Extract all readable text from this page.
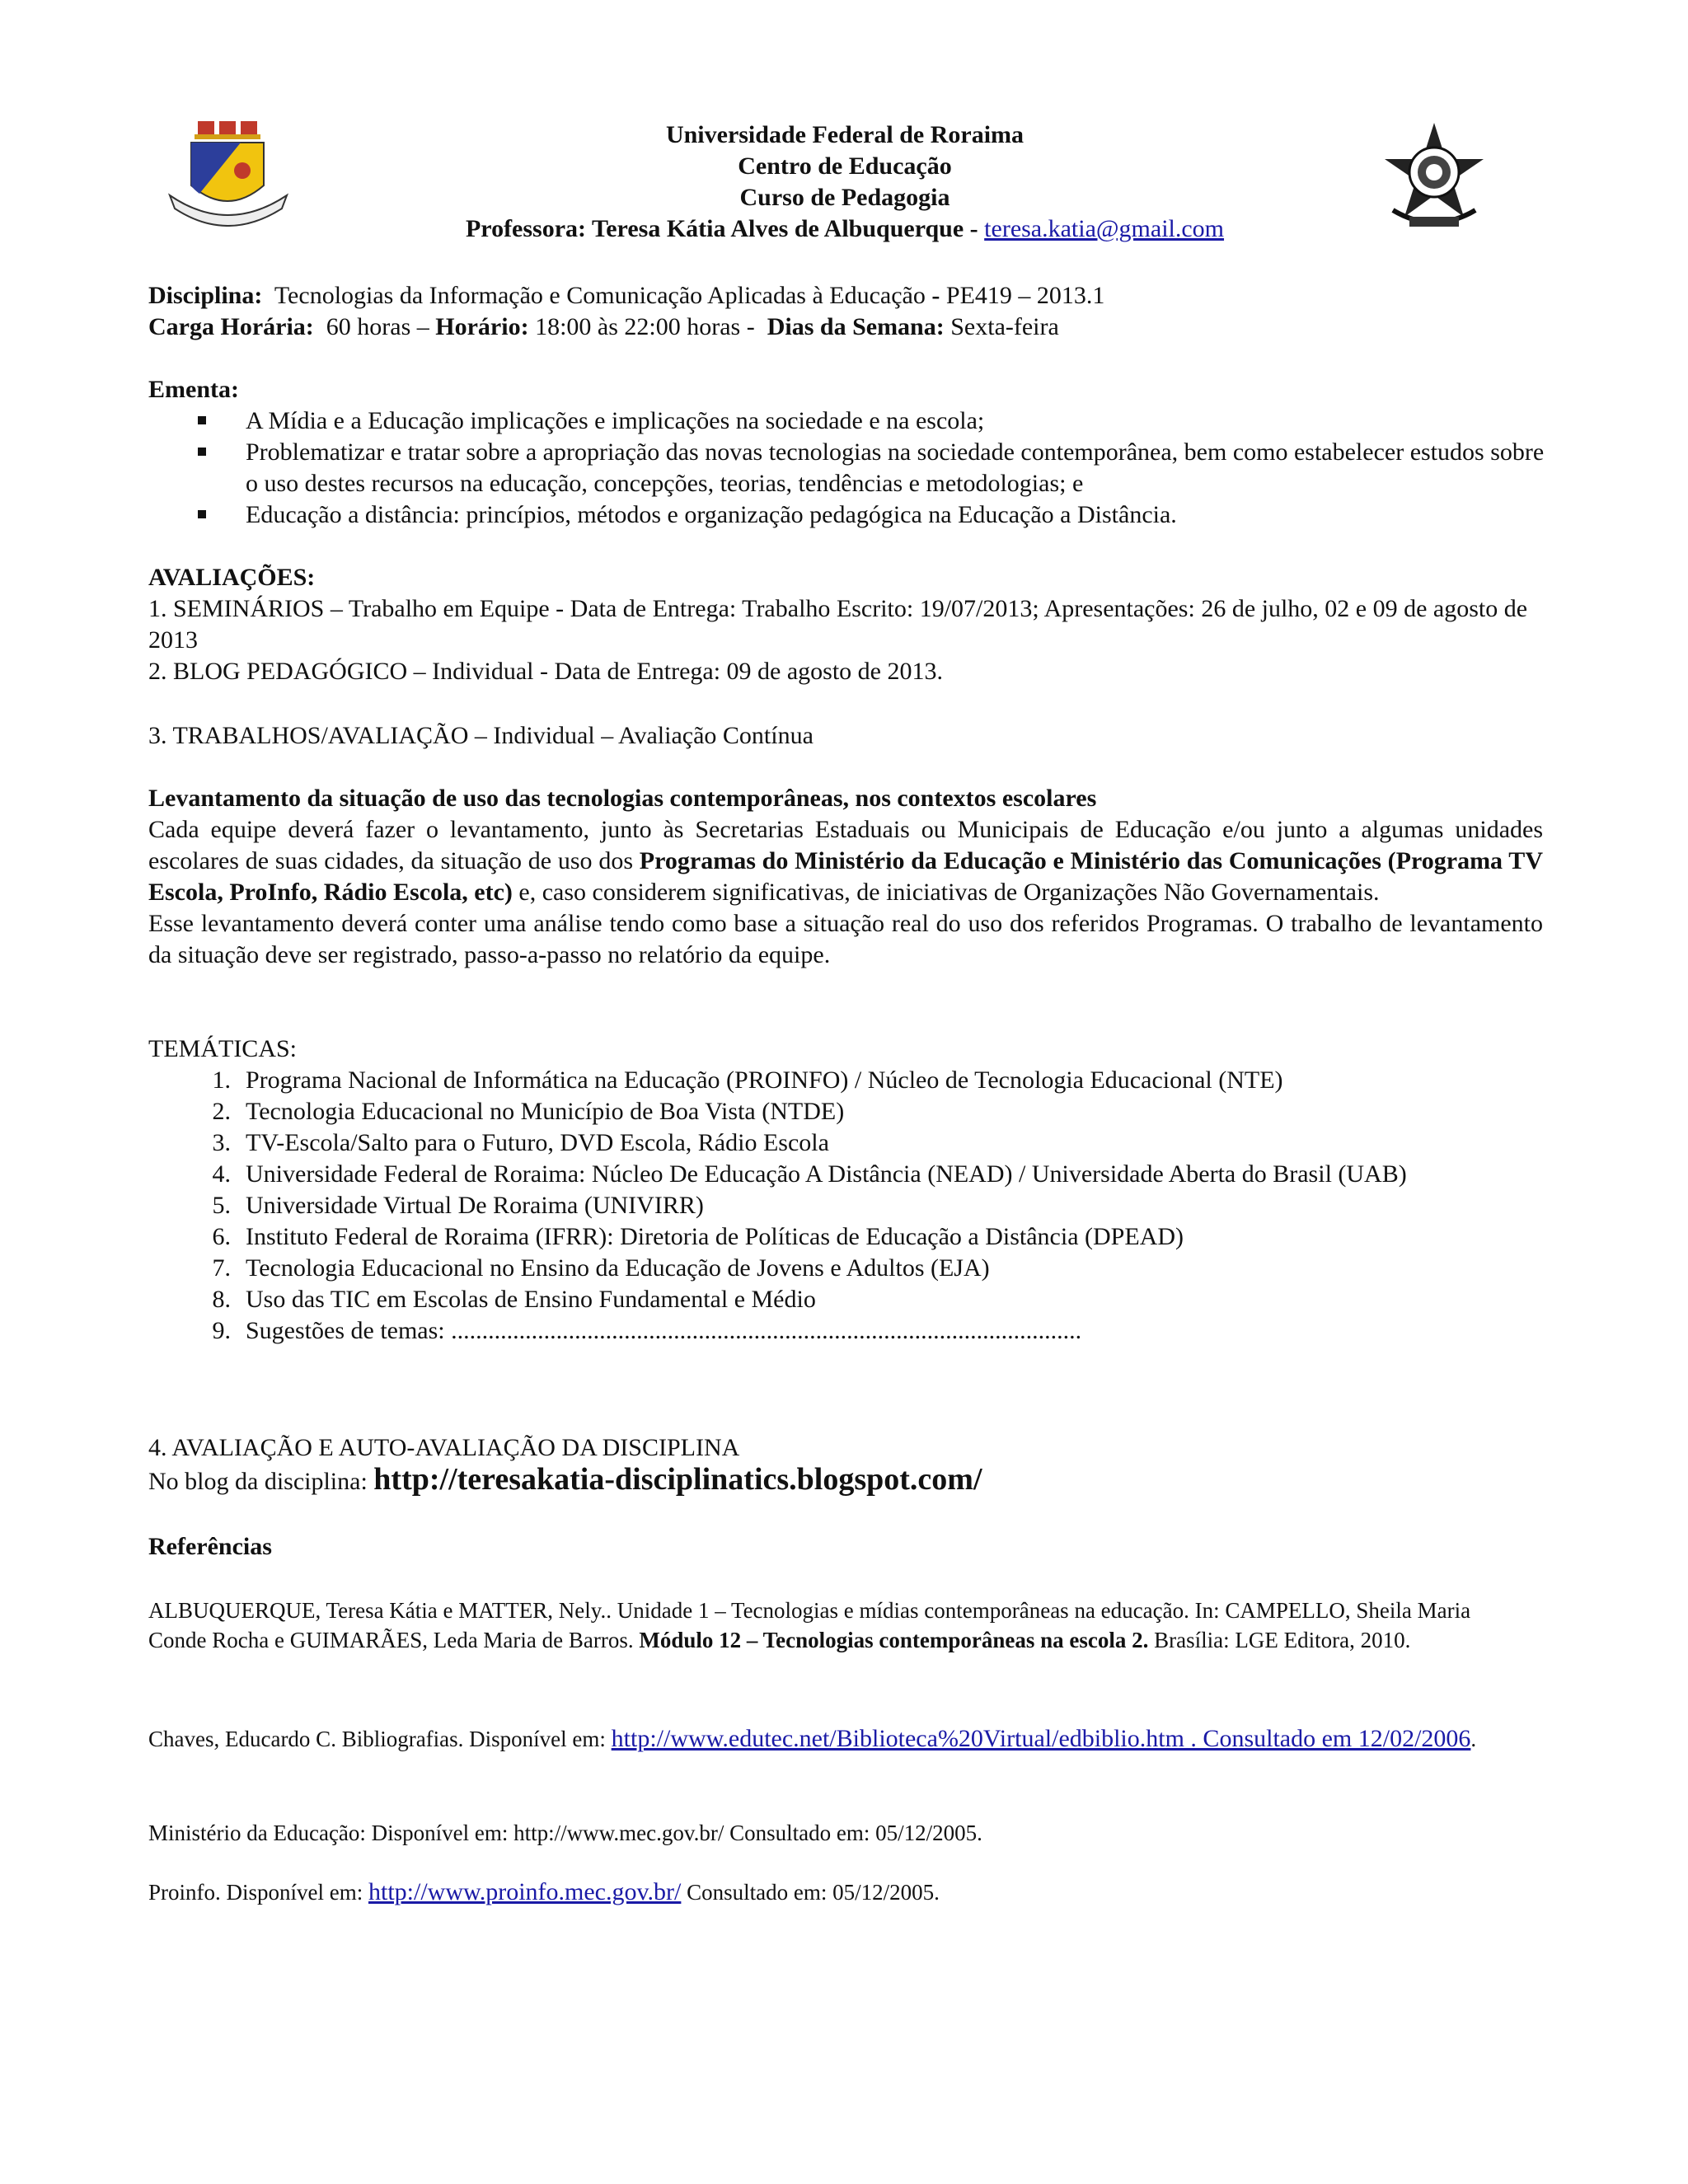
Universidade Federal de Roraima
Centro de Educação
Curso de Pedagogia
Professora: Teresa Kátia Alves de Albuquerque - teresa.katia@gmail.com
Disciplina: Tecnologias da Informação e Comunicação Aplicadas à Educação - PE419 – 2013.1
Carga Horária: 60 horas – Horário: 18:00 às 22:00 horas -  Dias da Semana: Sexta-feira
Ementa:
A Mídia e a Educação implicações e implicações na sociedade e na escola;
Problematizar e tratar sobre a apropriação das novas tecnologias na sociedade contemporânea, bem como estabelecer estudos sobre o uso destes recursos na educação, concepções, teorias, tendências e metodologias; e
Educação a distância: princípios, métodos e organização pedagógica na Educação a Distância.
AVALIAÇÕES:
1. SEMINÁRIOS – Trabalho em Equipe - Data de Entrega: Trabalho Escrito: 19/07/2013; Apresentações: 26 de julho, 02 e 09 de agosto de 2013
2. BLOG PEDAGÓGICO – Individual - Data de Entrega: 09 de agosto de 2013.
3. TRABALHOS/AVALIAÇÃO – Individual – Avaliação Contínua
Levantamento da situação de uso das tecnologias contemporâneas, nos contextos escolares
Cada equipe deverá fazer o levantamento, junto às Secretarias Estaduais ou Municipais de Educação e/ou junto a algumas unidades escolares de suas cidades, da situação de uso dos Programas do Ministério da Educação e Ministério das Comunicações (Programa TV Escola, ProInfo, Rádio Escola, etc) e, caso considerem significativas, de iniciativas de Organizações Não Governamentais.
Esse levantamento deverá conter uma análise tendo como base a situação real do uso dos referidos Programas. O trabalho de levantamento da situação deve ser registrado, passo-a-passo no relatório da equipe.
TEMÁTICAS:
1. Programa Nacional de Informática na Educação (PROINFO) / Núcleo de Tecnologia Educacional (NTE)
2. Tecnologia Educacional no Município de Boa Vista (NTDE)
3. TV-Escola/Salto para o Futuro, DVD Escola, Rádio Escola
4. Universidade Federal de Roraima: Núcleo De Educação A Distância (NEAD) / Universidade Aberta do Brasil (UAB)
5. Universidade Virtual De Roraima (UNIVIRR)
6. Instituto Federal de Roraima (IFRR): Diretoria de Políticas de Educação a Distância (DPEAD)
7. Tecnologia Educacional no Ensino da Educação de Jovens e Adultos (EJA)
8. Uso das TIC em Escolas de Ensino Fundamental e Médio
9. Sugestões de temas: ......................................................................................................
4. AVALIAÇÃO E AUTO-AVALIAÇÃO DA DISCIPLINA
No blog da disciplina: http://teresakatia-disciplinatics.blogspot.com/
Referências
ALBUQUERQUE, Teresa Kátia e MATTER, Nely.. Unidade 1 – Tecnologias e mídias contemporâneas na educação. In: CAMPELLO, Sheila Maria Conde Rocha e GUIMARÃES, Leda Maria de Barros. Módulo 12 – Tecnologias contemporâneas na escola 2. Brasília: LGE Editora, 2010.
Chaves, Educardo C. Bibliografias. Disponível em: http://www.edutec.net/Biblioteca%20Virtual/edbiblio.htm . Consultado em 12/02/2006.
Ministério da Educação: Disponível em: http://www.mec.gov.br/ Consultado em: 05/12/2005.
Proinfo. Disponível em: http://www.proinfo.mec.gov.br/ Consultado em: 05/12/2005.
